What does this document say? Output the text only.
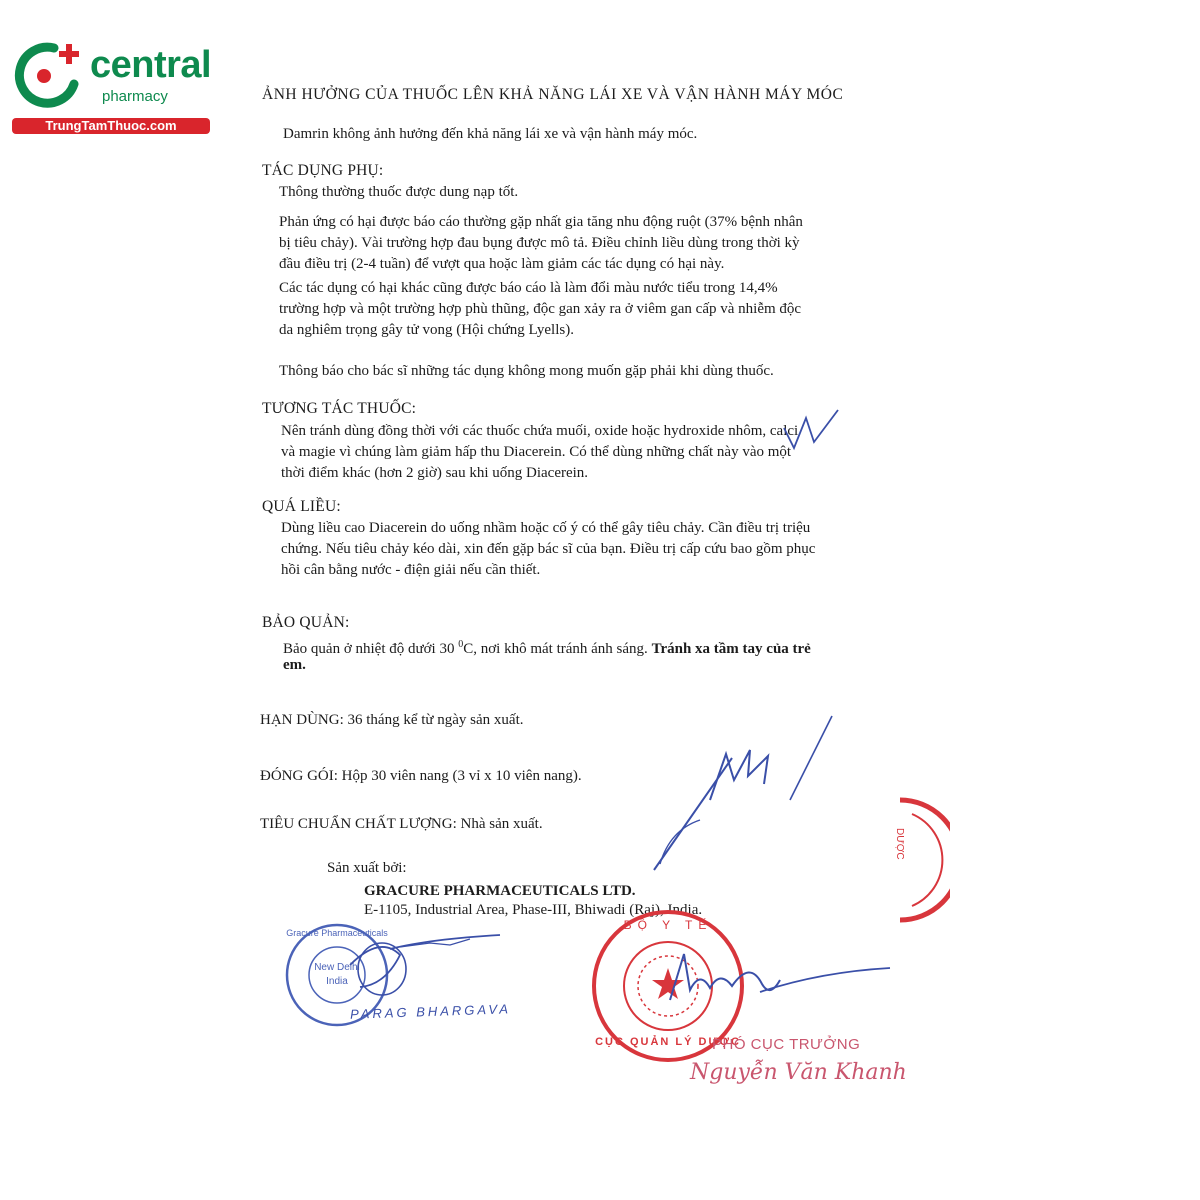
central
pharmacy
TrungTamThuoc.com
ẢNH HƯỞNG CỦA THUỐC LÊN KHẢ NĂNG LÁI XE VÀ VẬN HÀNH MÁY MÓC
Damrin không ảnh hưởng đến khả năng lái xe và vận hành máy móc.
TÁC DỤNG PHỤ:
Thông thường thuốc được dung nạp tốt.
Phản ứng có hại được báo cáo thường gặp nhất gia tăng nhu động ruột (37% bệnh nhân
bị tiêu chảy). Vài trường hợp đau bụng được mô tả. Điều chỉnh liều dùng trong thời kỳ
đầu điều trị (2-4 tuần) để vượt qua hoặc làm giảm các tác dụng có hại này.
Các tác dụng có hại khác cũng được báo cáo là làm đổi màu nước tiểu trong 14,4%
trường hợp và một trường hợp phù thũng, độc gan xảy ra ở viêm gan cấp và nhiễm độc
da nghiêm trọng gây tử vong (Hội chứng Lyells).
Thông báo cho bác sĩ những tác dụng không mong muốn gặp phải khi dùng thuốc.
TƯƠNG TÁC THUỐC:
Nên tránh dùng đồng thời với các thuốc chứa muối, oxide hoặc hydroxide nhôm, calci
và magie vì chúng làm giảm hấp thu Diacerein. Có thể dùng những chất này vào một
thời điểm khác (hơn 2 giờ) sau khi uống Diacerein.
QUÁ LIỀU:
Dùng liều cao Diacerein do uống nhầm hoặc cố ý có thể gây tiêu chảy. Cần điều trị triệu
chứng. Nếu tiêu chảy kéo dài, xin đến gặp bác sĩ của bạn. Điều trị cấp cứu bao gồm phục
hồi cân bằng nước - điện giải nếu cần thiết.
BẢO QUẢN:
Bảo quản ở nhiệt độ dưới 30 $^0$C, nơi khô mát tránh ánh sáng. Tránh xa tầm tay của trẻ
em.
HẠN DÙNG: 36 tháng kể từ ngày sản xuất.
ĐÓNG GÓI: Hộp 30 viên nang (3 vỉ x 10 viên nang).
TIÊU CHUẨN CHẤT LƯỢNG: Nhà sản xuất.
Sản xuất bởi:
GRACURE PHARMACEUTICALS LTD.
E-1105, Industrial Area, Phase-III, Bhiwadi (Raj), India.
DƯỢC
Gracure Pharmaceuticals
New Delhi
India
PARAG BHARGAVA
BỘ Y TẾ
CỤC QUẢN LÝ DƯỢC
PHÓ CỤC TRƯỞNG
Nguyễn Văn Khanh
